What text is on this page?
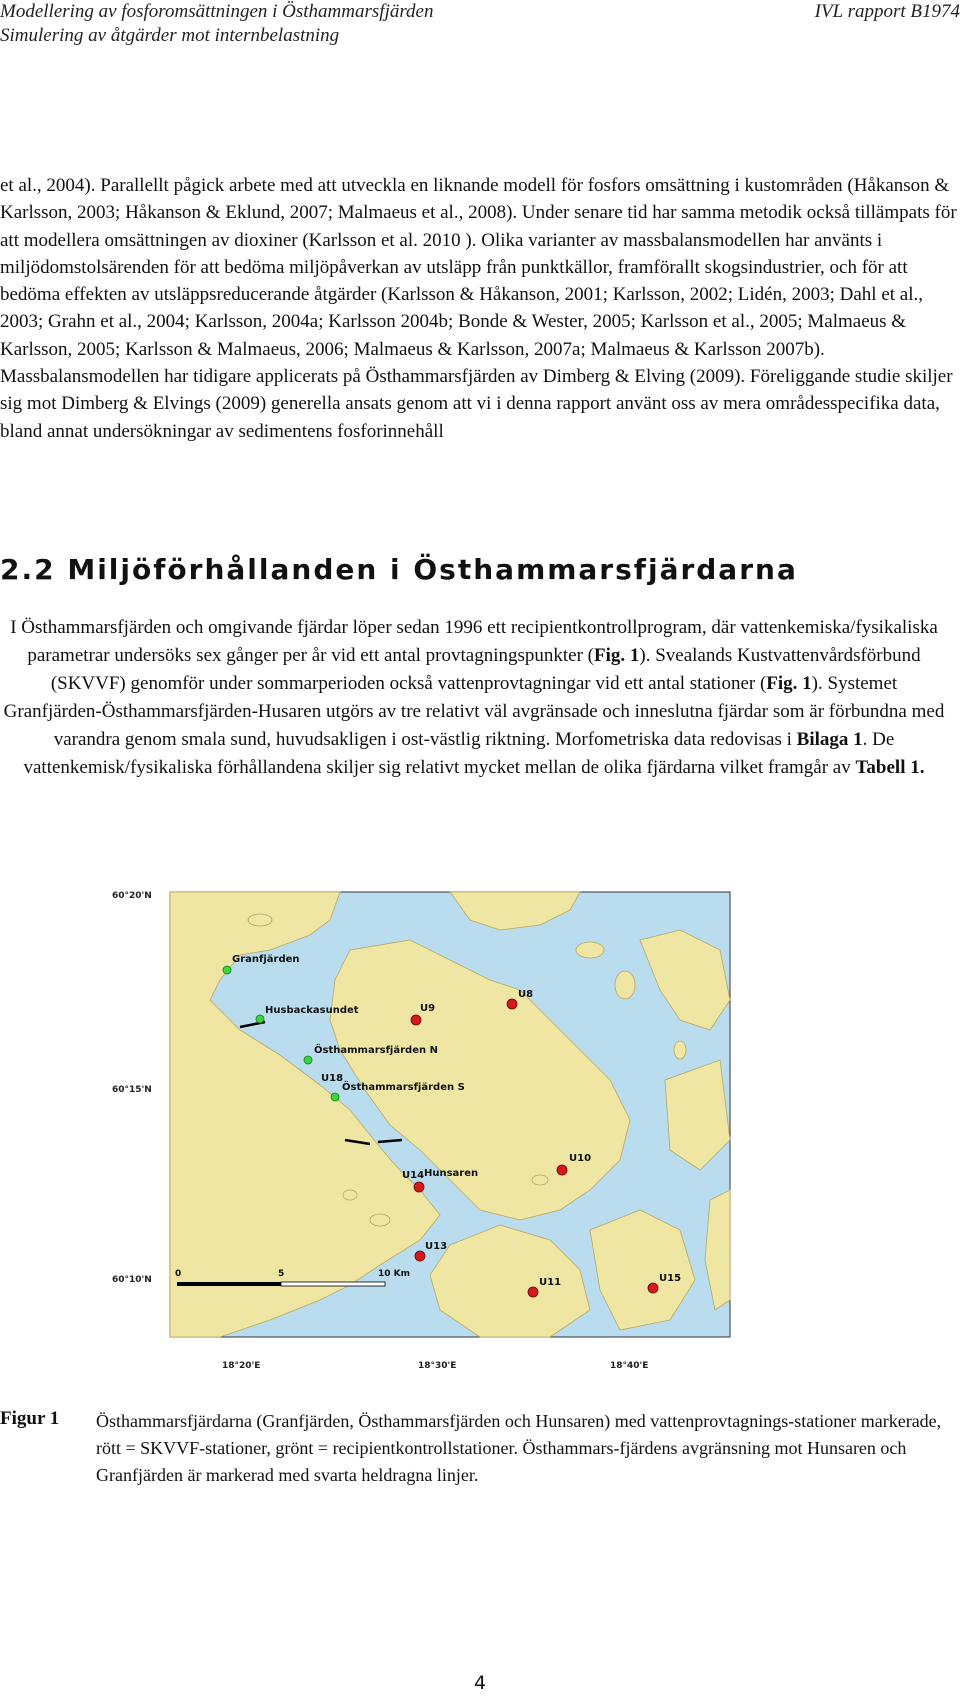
Modellering av fosforomsättningen i Östhammarsfjärden
Simulering av åtgärder mot internbelastning
IVL rapport B1974

et al., 2004). Parallellt pågick arbete med att utveckla en liknande modell för fosfors omsättning i kustområden (Håkanson & Karlsson, 2003; Håkanson & Eklund, 2007; Malmaeus et al., 2008). Under senare tid har samma metodik också tillämpats för att modellera omsättningen av dioxiner (Karlsson et al. 2010 ). Olika varianter av massbalansmodellen har använts i miljödomstolsärenden för att bedöma miljöpåverkan av utsläpp från punktkällor, framförallt skogsindustrier, och för att bedöma effekten av utsläppsreducerande åtgärder (Karlsson & Håkanson, 2001; Karlsson, 2002; Lidén, 2003; Dahl et al., 2003; Grahn et al., 2004; Karlsson, 2004a; Karlsson 2004b; Bonde & Wester, 2005; Karlsson et al., 2005; Malmaeus & Karlsson, 2005; Karlsson & Malmaeus, 2006; Malmaeus & Karlsson, 2007a; Malmaeus & Karlsson 2007b). Massbalansmodellen har tidigare applicerats på Östhammarsfjärden av Dimberg & Elving (2009). Föreliggande studie skiljer sig mot Dimberg & Elvings (2009) generella ansats genom att vi i denna rapport använt oss av mera områdesspecifika data, bland annat undersökningar av sedimentens fosforinnehåll

2.2 Miljöförhållanden i Östhammarsfjärdarna

I Östhammarsfjärden och omgivande fjärdar löper sedan 1996 ett recipientkontrollprogram, där vattenkemiska/fysikaliska parametrar undersöks sex gånger per år vid ett antal provtagningspunkter (Fig. 1). Svealands Kustvattenvårdsförbund (SKVVF) genomför under sommarperioden också vattenprovtagningar vid ett antal stationer (Fig. 1). Systemet Granfjärden-Östhammarsfjärden-Husaren utgörs av tre relativt väl avgränsade och inneslutna fjärdar som är förbundna med varandra genom smala sund, huvudsakligen i ost-västlig riktning. Morfometriska data redovisas i Bilaga 1. De vattenkemisk/fysikaliska förhållandena skiljer sig relativt mycket mellan de olika fjärdarna vilket framgår av Tabell 1.

60°20'N
60°15'N
60°10'N
18°20'E	18°30'E	18°40'E
Granfjärden
Husbackasundet
Östhammarsfjärden N
U18
Östhammarsfjärden S
U9
U8
U10
U14 Hunsaren
U13
U11	U15
0	5	10 Km
Figur 1 Östhammarsfjärdarna (Granfjärden, Östhammarsfjärden och Hunsaren) med vattenprovtagnings-stationer markerade, rött = SKVVF-stationer, grönt = recipientkontrollstationer. Östhammars-fjärdens avgränsning mot Hunsaren och Granfjärden är markerad med svarta heldragna linjer.

4
